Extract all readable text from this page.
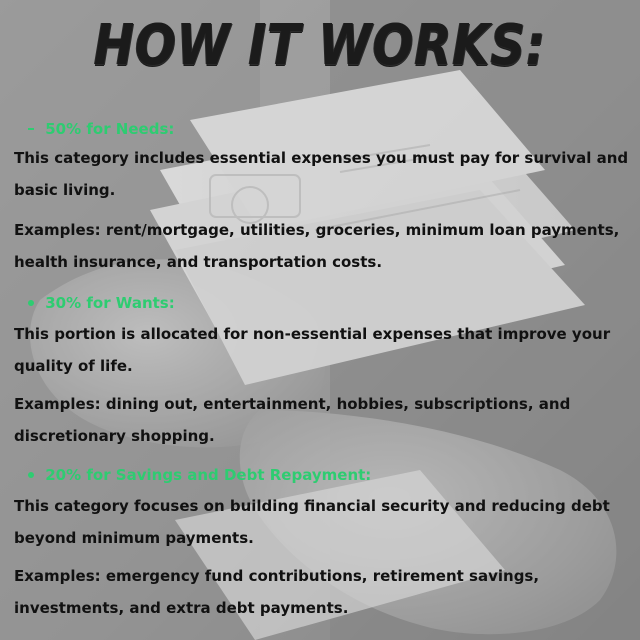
HOW IT WORKS:
50% for Needs:
This category includes essential expenses you must pay for survival and basic living.
Examples: rent/mortgage, utilities, groceries, minimum loan payments, health insurance, and transportation costs.
30% for Wants:
This portion is allocated for non-essential expenses that improve your quality of life.
Examples: dining out, entertainment, hobbies, subscriptions, and discretionary shopping.
20% for Savings and Debt Repayment:
This category focuses on building financial security and reducing debt beyond minimum payments.
Examples: emergency fund contributions, retirement savings, investments, and extra debt payments.
